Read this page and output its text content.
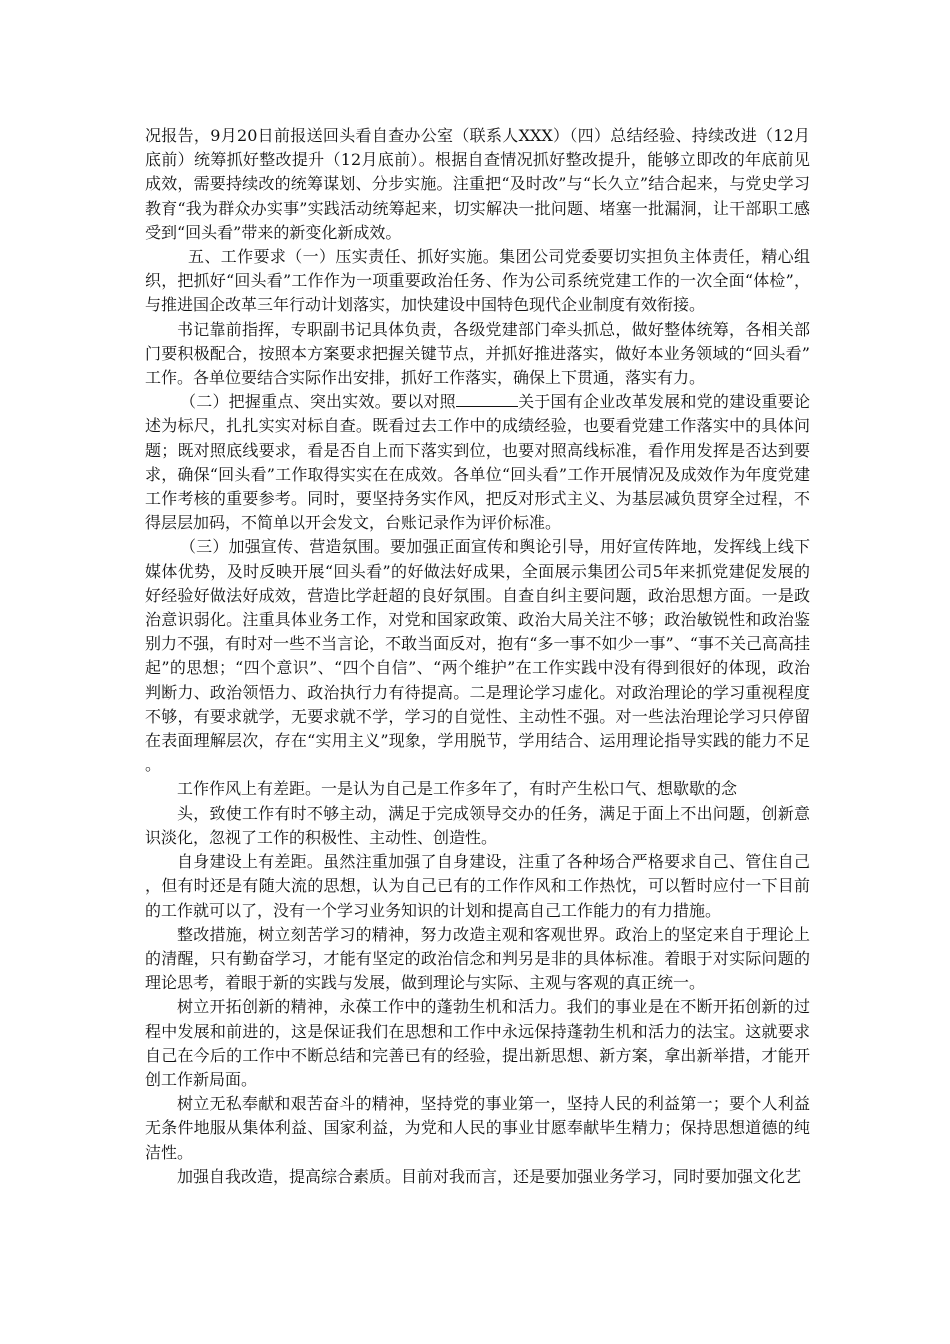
况报告，9月20日前报送回头看自查办公室（联系人XXX）（四）总结经验、持续改进（12月底前）统筹抓好整改提升（12月底前）。根据自查情况抓好整改提升，能够立即改的年底前见成效，需要持续改的统筹谋划、分步实施。注重把“及时改”与“长久立”结合起来，与党史学习教育“我为群众办实事”实践活动统筹起来，切实解决一批问题、堵塞一批漏洞，让干部职工感受到“回头看”带来的新变化新成效。

五、工作要求（一）压实责任、抓好实施。集团公司党委要切实担负主体责任，精心组织，把抓好“回头看”工作作为一项重要政治任务、作为公司系统党建工作的一次全面“体检”，与推进国企改革三年行动计划落实，加快建设中国特色现代企业制度有效衔接。

书记靠前指挥，专职副书记具体负责，各级党建部门牵头抓总，做好整体统筹，各相关部门要积极配合，按照本方案要求把握关键节点，并抓好推进落实，做好本业务领域的“回头看”工作。各单位要结合实际作出安排，抓好工作落实，确保上下贯通，落实有力。

（二）把握重点、突出实效。要以对照	关于国有企业改革发展和党的建设重要论述为标尺，扎扎实实对标自查。既看过去工作中的成绩经验，也要看党建工作落实中的具体问题；既对照底线要求，看是否自上而下落实到位，也要对照高线标准，看作用发挥是否达到要求，确保“回头看”工作取得实实在在成效。各单位“回头看”工作开展情况及成效作为年度党建工作考核的重要参考。同时，要坚持务实作风，把反对形式主义、为基层减负贯穿全过程，不得层层加码，不简单以开会发文，台账记录作为评价标准。

（三）加强宣传、营造氛围。要加强正面宣传和舆论引导，用好宣传阵地，发挥线上线下媒体优势，及时反映开展“回头看”的好做法好成果，全面展示集团公司5年来抓党建促发展的好经验好做法好成效，营造比学赶超的良好氛围。自查自纠主要问题，政治思想方面。一是政治意识弱化。注重具体业务工作，对党和国家政策、政治大局关注不够；政治敏锐性和政治鉴别力不强，有时对一些不当言论，不敢当面反对，抱有“多一事不如少一事”、“事不关己高高挂起”的思想；“四个意识”、“四个自信”、“两个维护”在工作实践中没有得到很好的体现，政治判断力、政治领悟力、政治执行力有待提高。二是理论学习虚化。对政治理论的学习重视程度不够，有要求就学，无要求就不学，学习的自觉性、主动性不强。对一些法治理论学习只停留在表面理解层次，存在“实用主义”现象，学用脱节，学用结合、运用理论指导实践的能力不足。

工作作风上有差距。一是认为自己是工作多年了，有时产生松口气、想歇歇的念

头，致使工作有时不够主动，满足于完成领导交办的任务，满足于面上不出问题，创新意识淡化，忽视了工作的积极性、主动性、创造性。

自身建设上有差距。虽然注重加强了自身建设，注重了各种场合严格要求自己、管住自己，但有时还是有随大流的思想，认为自己已有的工作作风和工作热忱，可以暂时应付一下目前的工作就可以了，没有一个学习业务知识的计划和提高自己工作能力的有力措施。

整改措施，树立刻苦学习的精神，努力改造主观和客观世界。政治上的坚定来自于理论上的清醒，只有勤奋学习，才能有坚定的政治信念和判另是非的具体标准。着眼于对实际问题的理论思考，着眼于新的实践与发展，做到理论与实际、主观与客观的真正统一。

树立开拓创新的精神，永葆工作中的蓬勃生机和活力。我们的事业是在不断开拓创新的过程中发展和前进的，这是保证我们在思想和工作中永远保持蓬勃生机和活力的法宝。这就要求自己在今后的工作中不断总结和完善已有的经验，提出新思想、新方案，拿出新举措，才能开创工作新局面。

树立无私奉献和艰苦奋斗的精神，坚持党的事业第一，坚持人民的利益第一；要个人利益无条件地服从集体利益、国家利益，为党和人民的事业甘愿奉献毕生精力；保持思想道德的纯洁性。

加强自我改造，提高综合素质。目前对我而言，还是要加强业务学习，同时要加强文化艺
